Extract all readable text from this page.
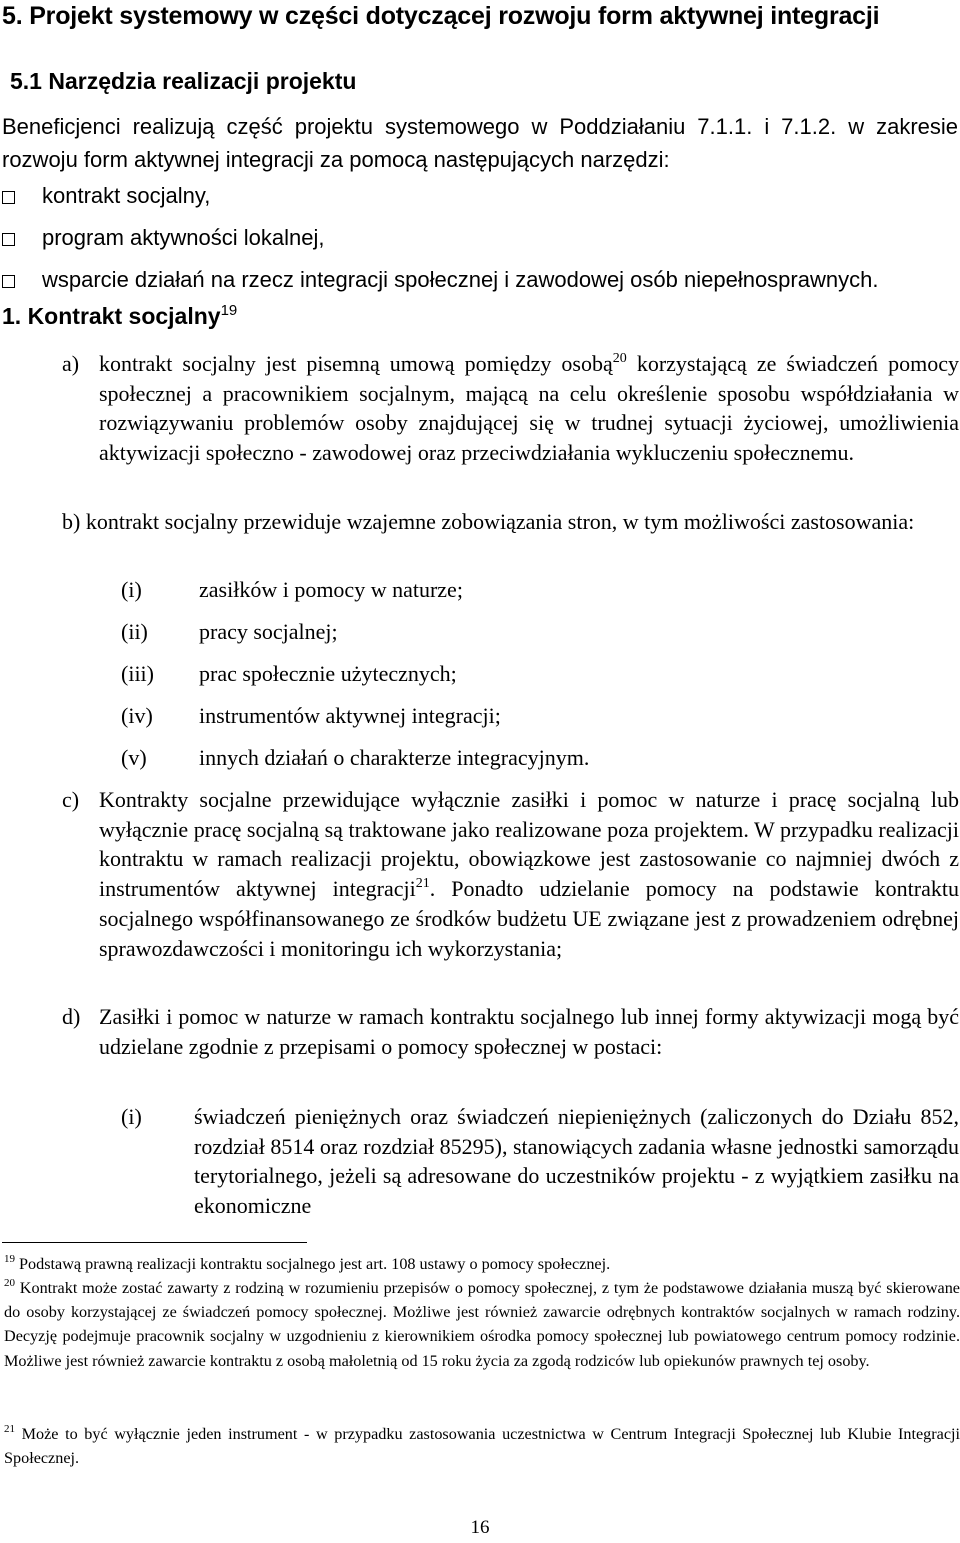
5. Projekt systemowy w części dotyczącej rozwoju form aktywnej integracji
5.1 Narzędzia realizacji projektu
Beneficjenci realizują część projektu systemowego w Poddziałaniu 7.1.1. i 7.1.2. w zakresie rozwoju form aktywnej integracji za pomocą następujących narzędzi:
kontrakt socjalny,
program aktywności lokalnej,
wsparcie działań na rzecz integracji społecznej i zawodowej osób niepełnosprawnych.
1. Kontrakt socjalny$^{19}$
a) kontrakt socjalny jest pisemną umową pomiędzy osobą$^{20}$ korzystającą ze świadczeń pomocy społecznej a pracownikiem socjalnym, mającą na celu określenie sposobu współdziałania w rozwiązywaniu problemów osoby znajdującej się w trudnej sytuacji życiowej, umożliwienia aktywizacji społeczno - zawodowej oraz przeciwdziałania wykluczeniu społecznemu.
b) kontrakt socjalny przewiduje wzajemne zobowiązania stron, w tym możliwości zastosowania:
(i)	zasiłków i pomocy w naturze;
(ii) pracy socjalnej;
(iii) prac społecznie użytecznych;
(iv) instrumentów aktywnej integracji;
(v) innych działań o charakterze integracyjnym.
c) Kontrakty socjalne przewidujące wyłącznie zasiłki i pomoc w naturze i pracę socjalną lub wyłącznie pracę socjalną są traktowane jako realizowane poza projektem. W przypadku realizacji kontraktu w ramach realizacji projektu, obowiązkowe jest zastosowanie co najmniej dwóch z instrumentów aktywnej integracji$^{21}$. Ponadto udzielanie pomocy na podstawie kontraktu socjalnego współfinansowanego ze środków budżetu UE związane jest z prowadzeniem odrębnej sprawozdawczości i monitoringu ich wykorzystania;
d) Zasiłki i pomoc w naturze w ramach kontraktu socjalnego lub innej formy aktywizacji mogą być udzielane zgodnie z przepisami o pomocy społecznej w postaci:
(i) świadczeń pieniężnych oraz świadczeń niepieniężnych (zaliczonych do Działu 852, rozdział 8514 oraz rozdział 85295), stanowiących zadania własne jednostki samorządu terytorialnego, jeżeli są adresowane do uczestników projektu - z wyjątkiem zasiłku na ekonomiczne
$^{19}$ Podstawą prawną realizacji kontraktu socjalnego jest art. 108 ustawy o pomocy społecznej.
$^{20}$ Kontrakt może zostać zawarty z rodziną w rozumieniu przepisów o pomocy społecznej, z tym że podstawowe działania muszą być skierowane do osoby korzystającej ze świadczeń pomocy społecznej. Możliwe jest również zawarcie odrębnych kontraktów socjalnych w ramach rodziny. Decyzję podejmuje pracownik socjalny w uzgodnieniu z kierownikiem ośrodka pomocy społecznej lub powiatowego centrum pomocy rodzinie. Możliwe jest również zawarcie kontraktu z osobą małoletnią od 15 roku życia za zgodą rodziców lub opiekunów prawnych tej osoby.
$^{21}$ Może to być wyłącznie jeden instrument - w przypadku zastosowania uczestnictwa w Centrum Integracji Społecznej lub Klubie Integracji Społecznej.
16
